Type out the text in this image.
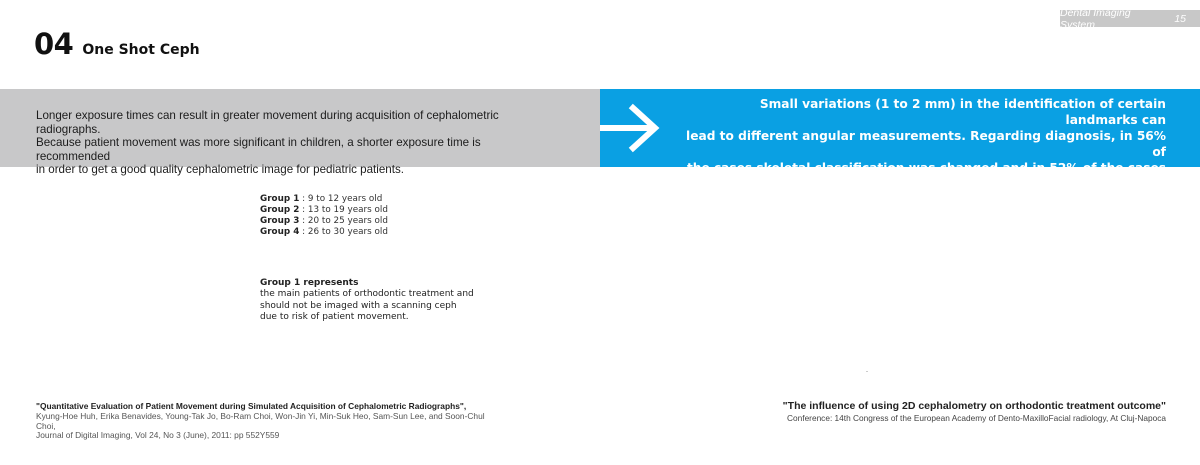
Dental Imaging System	15
04 One Shot Ceph
Longer exposure times can result in greater movement during acquisition of cephalometric radiographs.
Because patient movement was more significant in children, a shorter exposure time is recommended
in order to get a good quality cephalometric image for pediatric patients.
Small variations (1 to 2 mm) in the identification of certain landmarks can
lead to different angular measurements. Regarding diagnosis, in 56% of
the cases skeletal classification was changed and in 52% of the cases
malocclusion classification was altered, after evaluating the LCR.
Group 1 : 9 to 12 years old
Group 2 : 13 to 19 years old
Group 3 : 20 to 25 years old
Group 4 : 26 to 30 years old
Group 1 represents
the main patients of orthodontic treatment and
should not be imaged with a scanning ceph
due to risk of patient movement.
"Quantitative Evaluation of Patient Movement during Simulated Acquisition of Cephalometric Radiographs",
Kyung-Hoe Huh, Erika Benavides, Young-Tak Jo, Bo-Ram Choi, Won-Jin Yi, Min-Suk Heo, Sam-Sun Lee, and Soon-Chul Choi,
Journal of Digital Imaging, Vol 24, No 3 (June), 2011: pp 552Y559
"The influence of using 2D cephalometry on orthodontic treatment outcome"
Conference: 14th Congress of the European Academy of Dento-MaxilloFacial radiology, At Cluj-Napoca
